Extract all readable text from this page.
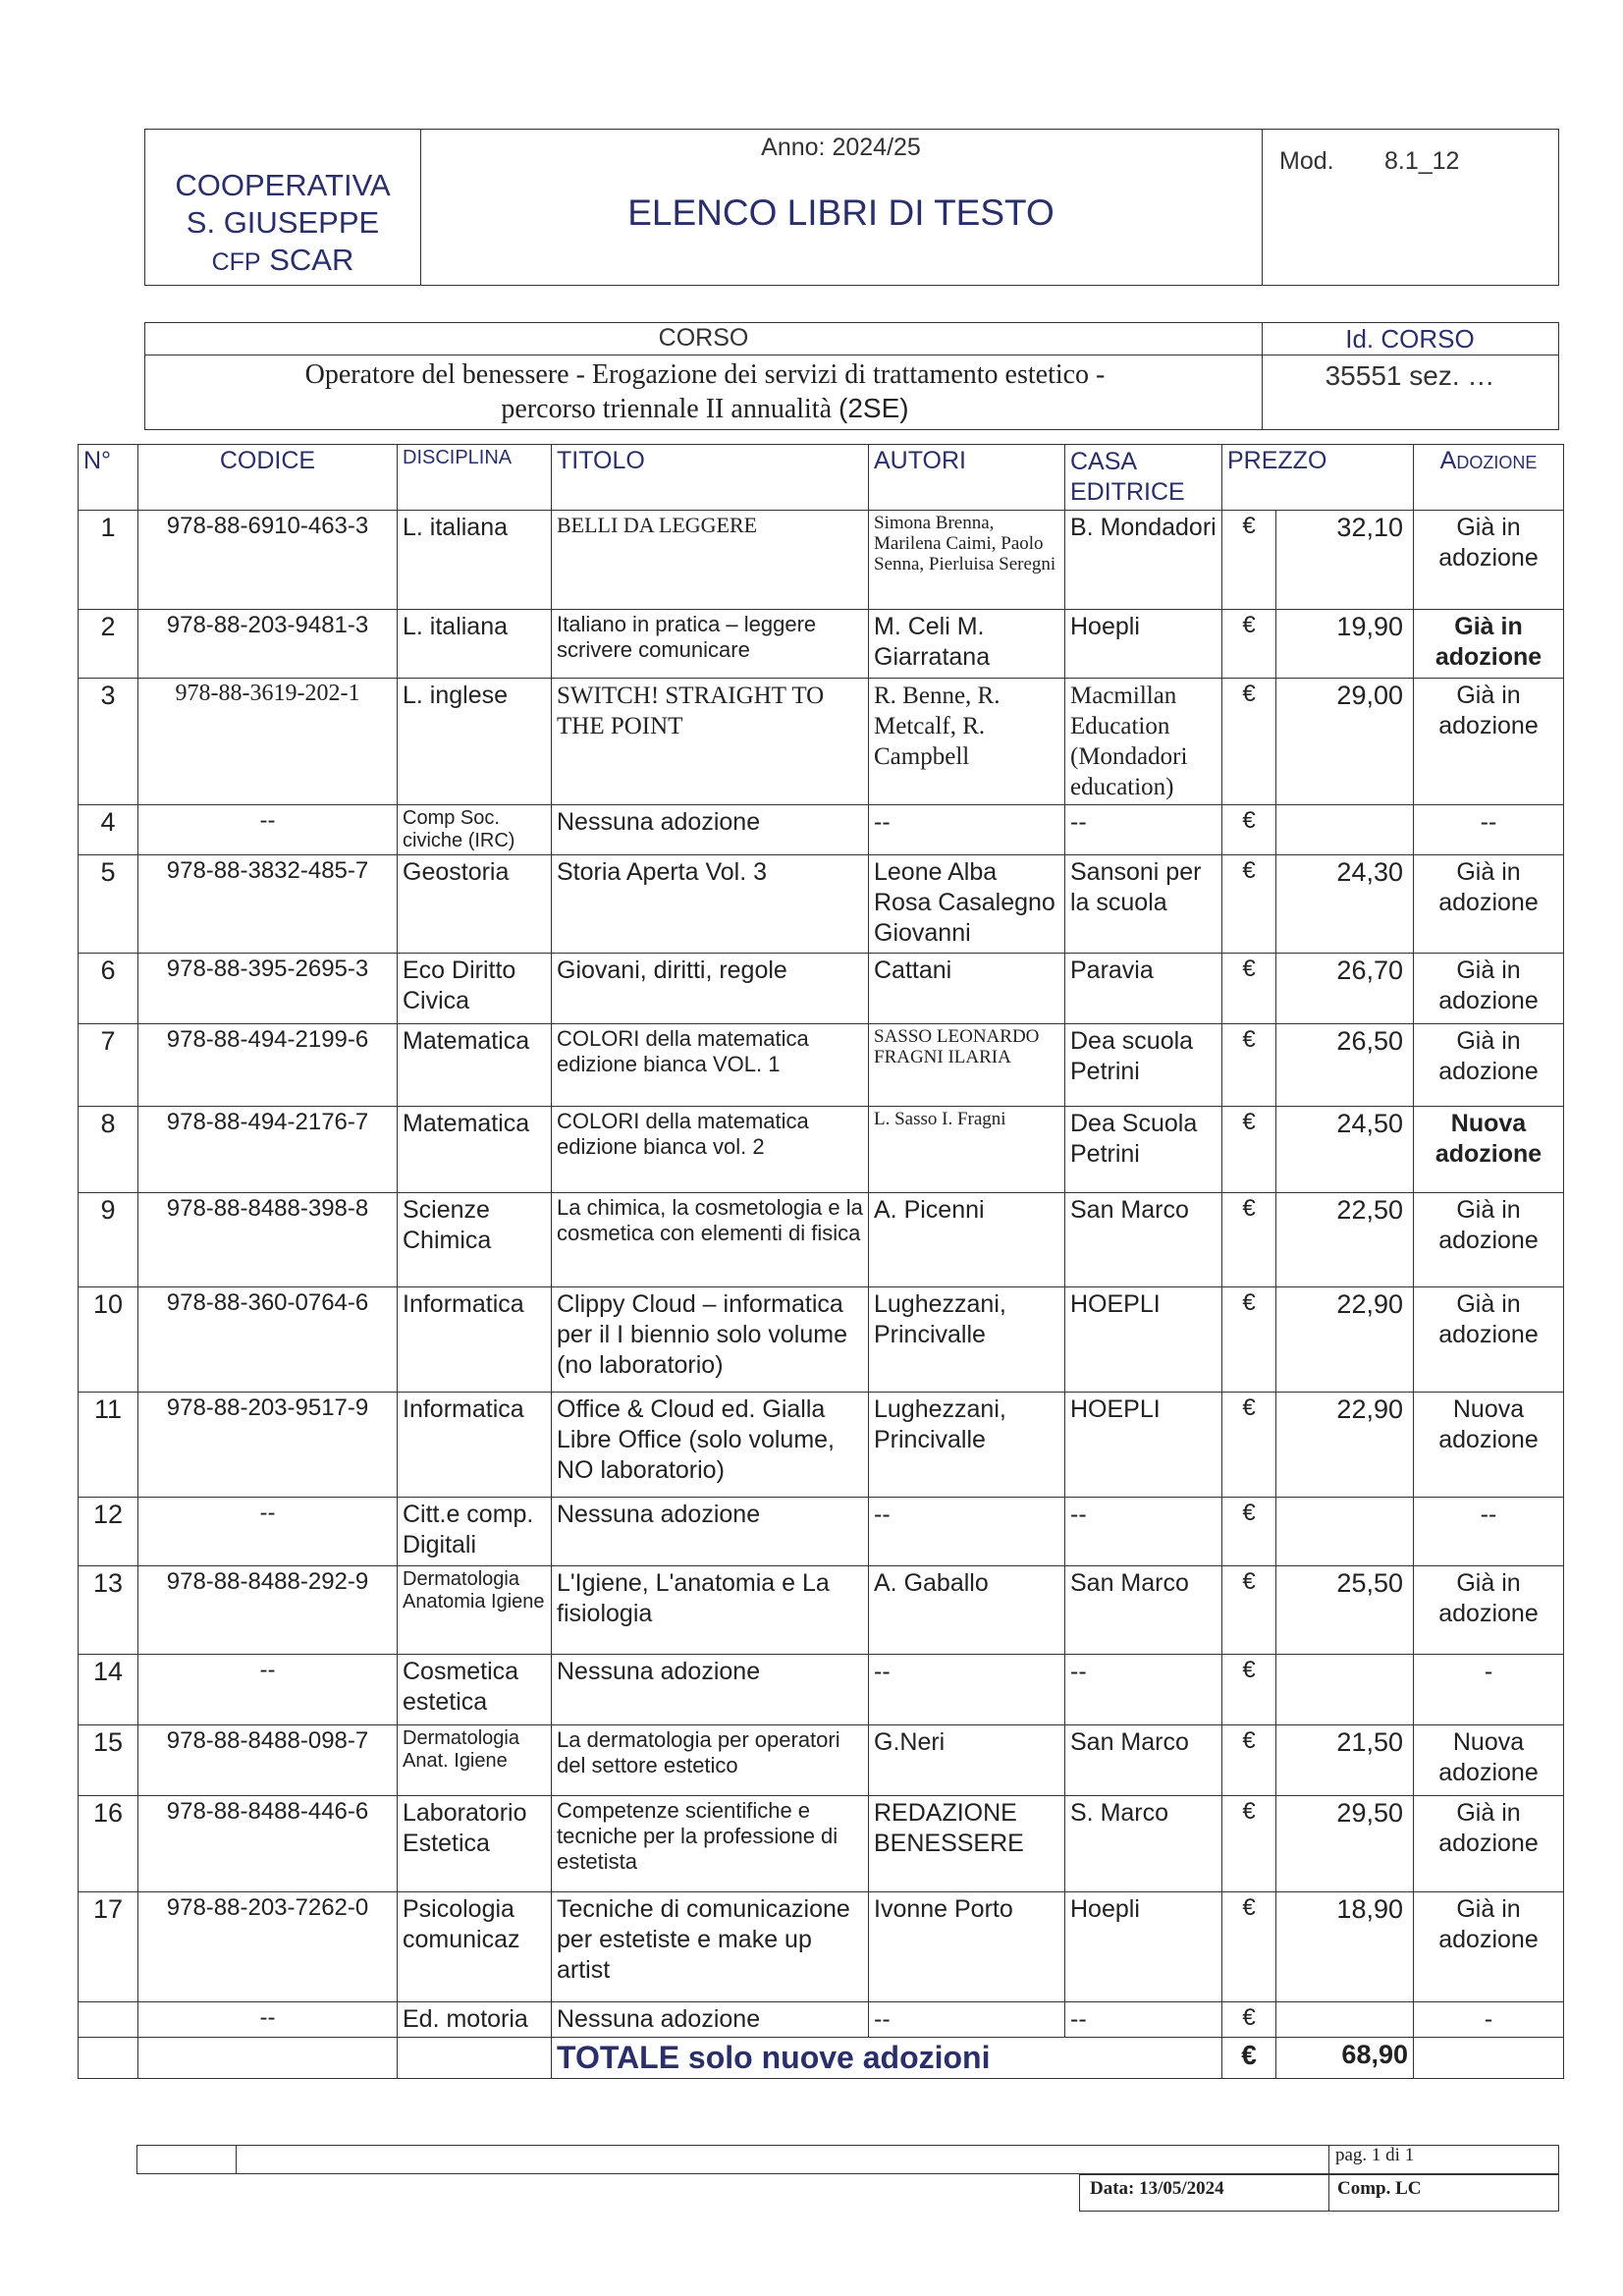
COOPERATIVA
S. GIUSEPPE
CFP SCAR
Anno: 2024/25
ELENCO LIBRI DI TESTO
Mod. 8.1_12
CORSO	Id. CORSO
Operatore del benessere - Erogazione dei servizi di trattamento estetico -
percorso triennale II annualità (2SE)
35551 sez. …
N°	CODICE	DISCIPLINA	TITOLO	AUTORI	CASA EDITRICE	PREZZO		Adozione
1	978-88-6910-463-3	L. italiana	BELLI DA LEGGERE	Simona Brenna, Marilena Caimi, Paolo Senna, Pierluisa Seregni	B. Mondadori	€	32,10	Già in adozione
2	978-88-203-9481-3	L. italiana	Italiano in pratica – leggere scrivere comunicare	M. Celi M. Giarratana	Hoepli	€	19,90	Già in adozione
3	978-88-3619-202-1	L. inglese	SWITCH! STRAIGHT TO THE POINT	R. Benne, R. Metcalf, R. Campbell	Macmillan Education (Mondadori education)	€	29,00	Già in adozione
4	--	Comp Soc. civiche (IRC)	Nessuna adozione	--	--	€		--
5	978-88-3832-485-7	Geostoria	Storia Aperta Vol. 3	Leone Alba Rosa Casalegno Giovanni	Sansoni per la scuola	€	24,30	Già in adozione
6	978-88-395-2695-3	Eco Diritto Civica	Giovani, diritti, regole	Cattani	Paravia	€	26,70	Già in adozione
7	978-88-494-2199-6	Matematica	COLORI della matematica edizione bianca VOL. 1	SASSO LEONARDO FRAGNI ILARIA	Dea scuola Petrini	€	26,50	Già in adozione
8	978-88-494-2176-7	Matematica	COLORI della matematica edizione bianca vol. 2	L. Sasso I. Fragni	Dea Scuola Petrini	€	24,50	Nuova adozione
9	978-88-8488-398-8	Scienze Chimica	La chimica, la cosmetologia e la cosmetica con elementi di fisica	A. Picenni	San Marco	€	22,50	Già in adozione
10	978-88-360-0764-6	Informatica	Clippy Cloud – informatica per il I biennio solo volume (no laboratorio)	Lughezzani, Princivalle	HOEPLI	€	22,90	Già in adozione
11	978-88-203-9517-9	Informatica	Office & Cloud ed. Gialla Libre Office (solo volume, NO laboratorio)	Lughezzani, Princivalle	HOEPLI	€	22,90	Nuova adozione
12	--	Citt.e comp. Digitali	Nessuna adozione	--	--	€		--
13	978-88-8488-292-9	Dermatologia Anatomia Igiene	L'Igiene, L'anatomia e La fisiologia	A. Gaballo	San Marco	€	25,50	Già in adozione
14	--	Cosmetica estetica	Nessuna adozione	--	--	€		-
15	978-88-8488-098-7	Dermatologia Anat. Igiene	La dermatologia per operatori del settore estetico	G.Neri	San Marco	€	21,50	Nuova adozione
16	978-88-8488-446-6	Laboratorio Estetica	Competenze scientifiche e tecniche per la professione di estetista	REDAZIONE BENESSERE	S. Marco	€	29,50	Già in adozione
17	978-88-203-7262-0	Psicologia comunicaz	Tecniche di comunicazione per estetiste e make up artist	Ivonne Porto	Hoepli	€	18,90	Già in adozione
	--	Ed. motoria	Nessuna adozione	--	--	€		-
			TOTALE solo nuove adozioni			€	68,90	
pag. 1 di 1
Data: 13/05/2024	Comp. LC
